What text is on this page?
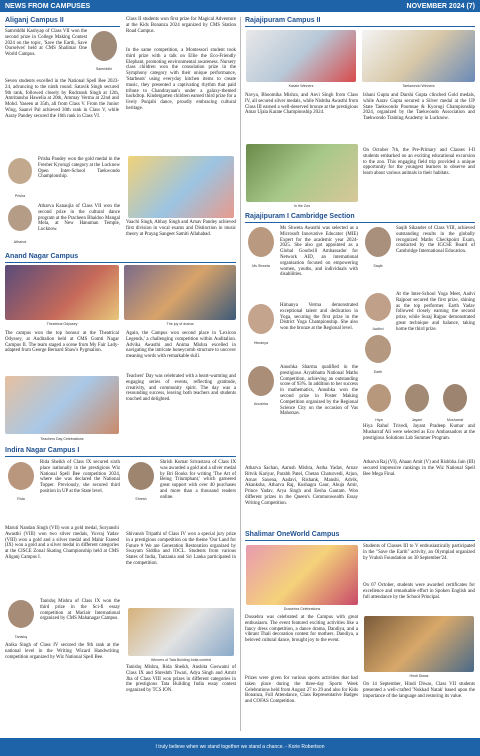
NEWS FROM CAMPUSES	NOVEMBER 2024 (7)
Aliganj Campus II
Samriddhi Kashyap of Class VII won the second prize in College Making Contest 2024 on the topic, 'Save the Earth, Save Ourselves' held at CMS Shalimar One World Campus.
Samriddhi
Seven students excelled in the National Spell Bee 2023-24, advancing to the ninth round. Satavik Singh secured 9th rank, followed closely by Rudransh Singh at 12th, Amritanshu Hawelia at 20th, Ammay Verma at 22nd and Mohd. Yaseen at 35th, all from Class V. From the Junior Wing, Saanvi Pal achieved 30th rank in Class V, while Aaray Pandey secured the 16th rank in Class VI.
Prisha
Prisha Pandey won the gold medal in the Fresher Kyorugi category at the Lucknow Open Inter-School Taekwondo Championship.
Atharva
Atharva Kanaujia of Class VII won the second prize in the cultural dance program at the Pracheen Bhaidoo Mangal Mela, at New Hanuman Temple, Lucknow.
Class II students won first prize for Magical Adventure at the Kids Bonanza 2024 organized by CMS Station Road Campus.
In the same competition, a Montessori student took third prize with a talk on Ellie the Eco-Friendly Elephant, promoting environmental awareness. Nursery class children won the consolation prize in the Symphony category with their unique performance, 'Starbeats' using everyday kitchen items to create music, they presented a captivating rhythm that paid tribute to Chandrayaan's under a galaxy-themed backdrop. Kindergarten children earned third prize for a lively Punjabi dance, proudly embracing cultural heritage.
Vaachi Singh, Abhay Singh and Arnav Pandey achieved first division in vocal exams and Distinction in music theory at Prayag Sangeet Samiti Allahabad.
Anand Nagar Campus
Theatrical Odyssey	The joy of drama
The campus won the top honour at the Theatrical Odyssey, at Auditalion held at CMS Gomti Nagar Campus II. The team staged a scene from My Fair Lady-adapted from George Bernard Shaw's Pygmalion.
Teachers Day Celebrations
Again, the Campus won second place in 'Lexicon Legends,' a challenging competition within Auditalion. Advika Awasthi and Anima Mishra excelled in navigating the intricate honeycomb structure to uncover meaning words with remarkable skill.
Teachers' Day was celebrated with a heart-warming and engaging series of events, reflecting gratitude, creativity, and community spirit. The day was a resounding success, leaving both teachers and students touched and delighted.
Indira Nagar Campus I
Rida
Rida Sheikh of Class IX secured sixth place nationally in the prestigious Wiz National Spell Bee competition 2024, where she was declared the National Topper. Previously, she secured third position in UP at the State level.
Maruti Nandan Singh (VII) won a gold medal, Suryanshi Awasthi (VIII) won two silver medals, Yuvraj Yadav (VIII) won a gold and a silver medal and Mahir Fareed (IX) won a gold and a silver medal in different categories at the CISCE Zonal Skating Championship held at CMS Aliganj Campus I.
Tanishq
Tanishq Mishra of Class IX won the third prize in the Sci-fi essay competition at Maclair International organized by CMS Mahanagar Campus.
Anika Singh of Class IV secured the 9th rank at the national level in the Writing Wizard Handwriting competition organized by Wiz National Spell Bee.
Shresh
Shrish Kumar Srivastava of Class IX was awarded a gold and a silver medal by Bri Books for writing 'The Art of Being Triumphant,' which garnered great support with over 40 purchases and more than a thousand readers online.
Shivansh Tripathi of Class IV won a special jury prize in a prestigious competition on the theme 'Our Land for Future # We are Generation Restoration organized by Swayam Siddha and IOCL. Students from various States of India, Tanzania and Sri Lanka participated in the competition.
Winners of Tata Building India contest
Tanishq Mishra, Rida Sheikh, Anshita Goswami of Class IX and Shreshth Tiwari, Adya Singh and Amrit Jha of Class VIII won prizes in different categories in the prestigious Tata Building India essay contest organized by TCS ION.
Rajajipuram Campus II
Karate Winners	Taekwondo Winners
Navya, Bhoomika Mishra, and Anvi Singh from Class IV, all secured silver medals, while Nishtha Awasthi from Class III earned a well-deserved bronze at the prestigious Amar Ujala Karate Championship 2024.
In the Zoo
Ishani Gupta and Darshi Gupta clinched Gold medals, while Aarav Gupta secured a Silver medal at the UP State Taekwondo Poomsae & Kyorugi Championship 2024, organized by the Taekwondo Association and Taekwondo Training Academy in Lucknow.
On October 7th, the Pre-Primary and Classes I-II students embarked on an exciting educational excursion to the zoo. This engaging field trip provided a unique opportunity for the youngest learners to observe and learn about various animals in their habitats.
Rajajipuram I Cambridge Section
Ms Shweta
Ms Shweta Awasthi was selected as a Microsoft Innovative Educator (MIE) Expert for the academic year 2024-2025. She also got appointed as a Global Goodwill Ambassador for Network AID, an international organisation focused on empowering women, youths, and individuals with disabilities.
Himanya
Himanya Verma demonstrated exceptional talent and dedication in Yoga, securing the first prize in the District Yoga Championship. She also won the bronze at the Regional level.
Anushka
Anushka Sharma qualified in the prestigious Aryabhatta National Maths Competition, achieving an outstanding score of 93%. In addition to her success in mathematics, Anushka won the second prize in Poster Making Competition organized by the Regional Science City on the occasion of Vas Mahotsav.
Atharva Sachan, Aarush Mishra, Astha Yadav, Arnav Ritvik Kariyar, Parabh Patel, Chetan Chaturvedi, Arjun, Arnav Saxena, Aadavi, Rishank, Manshi, Advik, Akanksha, Atharva Raj, Kushagra Gaur, Ahuja Amir, Prince Yadav, Arya Singh and Eesha Gautam. Won different prizes in the Queen's Commonwealth Essay Writing Competition.
Saqib
Saqib Sikander of Class VIII, achieved outstanding results in the globally recognized Maths Checkpoint Exam, conducted by the IGCSE Board of Cambridge International Education.
Aadhvi
Earth
At the Inter-School Yoga Meet, Aadvi Rajpoot secured the first prize, shining as the top performer. Earth Yadav followed closely earning the second prize, while Suraj Rajpur demonstrated great technique and balance, taking home the third prize.
Hiya	Jayant	Mosharraf
Hiya Rahul Trivedi, Jayant Pradeep Kumar and Musharraf Ali were selected as Eco Ambassadors at the prestigious Solutions Lab Summer Program.
Atharva Raj (VI), Ahaan Amit (V) and Rishbha Jain (III) secured impressive rankings in the Wiz National Spell Bee Mega Final.
Shalimar OneWorld Campus
Dussehra Celebrations
Dussehra was celebrated at the Campus with great enthusiasm. The event featured exciting activities like a fancy dress competition, a dance drama, Dandiya, and a vibrant Thali decoration contest for mothers. Dandiya, a beloved cultural dance, brought joy to the event.
Prizes were given for various sports activities that had taken place during the three-day Sports Week Celebrations held from August 27 to 29 and also for Kids Bonanza, Full Attendance, Class Representative Badges and COFAS Competition.
Students of Classes III to V enthusiastically participated in the "Save the Earth" activity, an Olympiad organized by Vrahsh Foundation on 30 September'24.
On 07 October, students were awarded certificates for excellence and remarkable effort in Spoken English and full attendance by the School Principal.
Hindi Diwas
On 14 September, Hindi Diwas, Class VII students presented a well-crafted 'Nukkad Natak' based upon the importance of the language and restoring its value.
I truly believe when we stand together we stand a chance. - Korie Robertson
